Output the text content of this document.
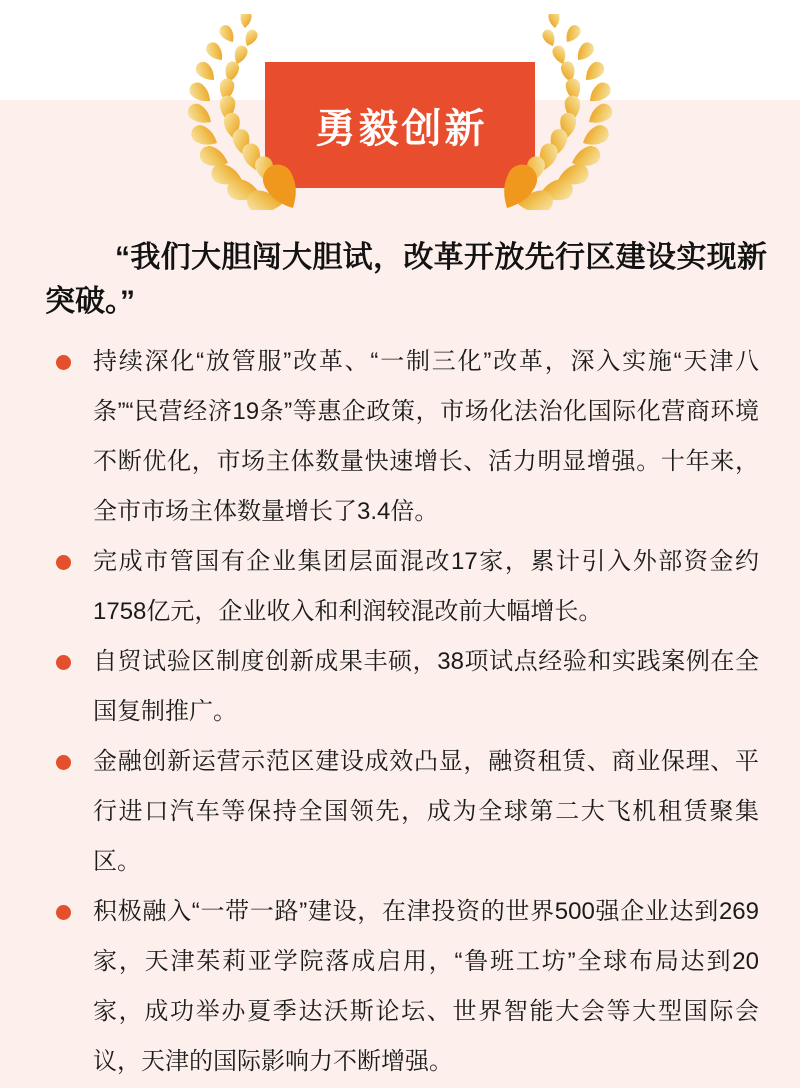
勇毅创新
“我们大胆闯大胆试，改革开放先行区建设实现新突破。”
持续深化“放管服”改革、“一制三化”改革，深入实施“天津八条”“民营经济19条”等惠企政策，市场化法治化国际化营商环境不断优化，市场主体数量快速增长、活力明显增强。十年来，全市市场主体数量增长了3.4倍。
完成市管国有企业集团层面混改17家，累计引入外部资金约1758亿元，企业收入和利润较混改前大幅增长。
自贸试验区制度创新成果丰硕，38项试点经验和实践案例在全国复制推广。
金融创新运营示范区建设成效凸显，融资租赁、商业保理、平行进口汽车等保持全国领先，成为全球第二大飞机租赁聚集区。
积极融入“一带一路”建设，在津投资的世界500强企业达到269家，天津茱莉亚学院落成启用，“鲁班工坊”全球布局达到20家，成功举办夏季达沃斯论坛、世界智能大会等大型国际会议，天津的国际影响力不断增强。
